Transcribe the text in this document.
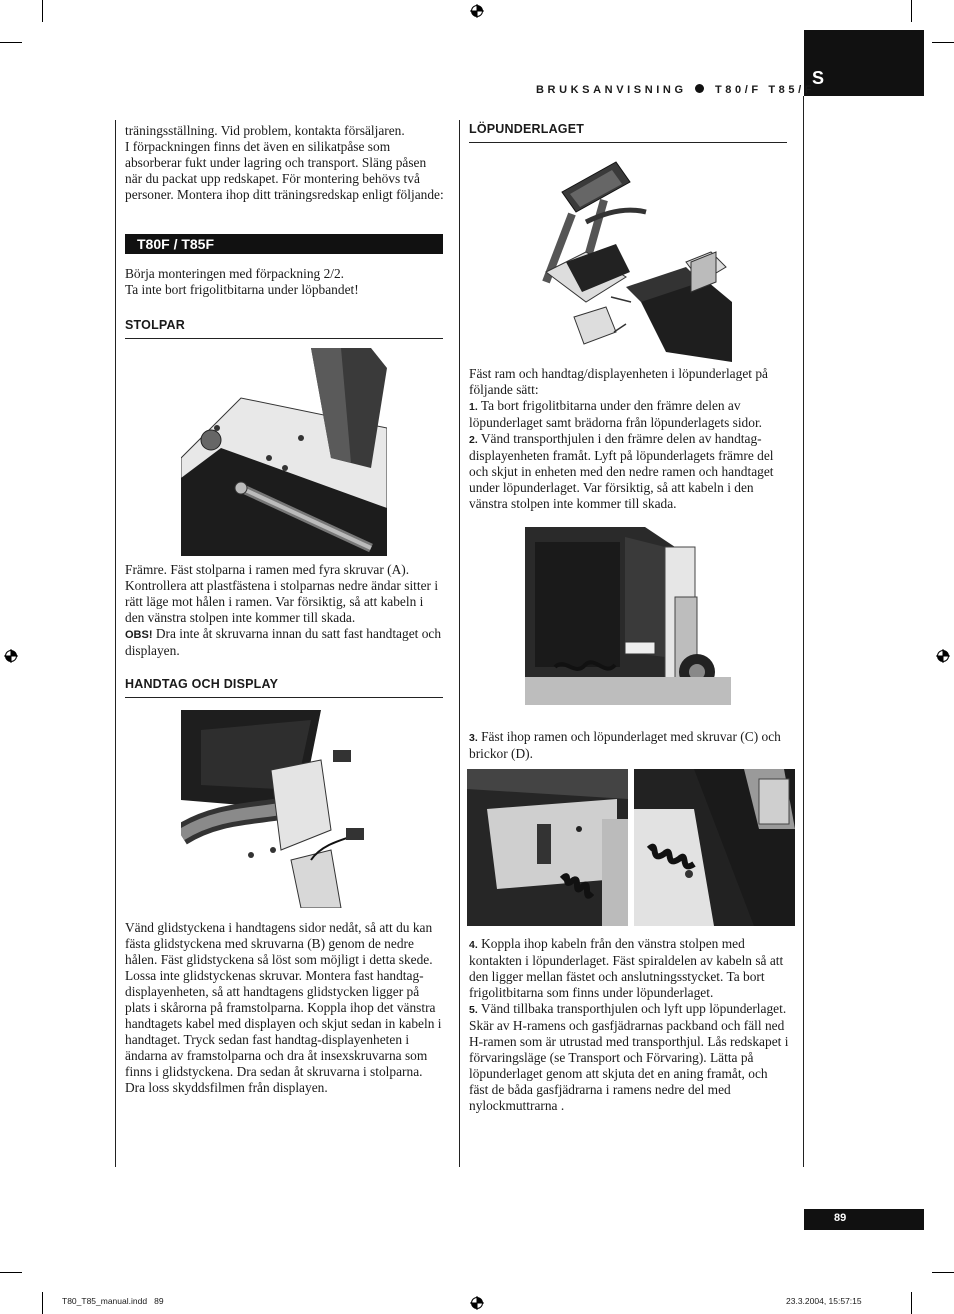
S
BRUKSANVISNING	T80/F T85/F

träningsställning. Vid problem, kontakta försäljaren.

I förpackningen finns det även en silikatpåse som absorberar fukt under lagring och transport. Släng påsen när du packat upp redskapet. För montering behövs två personer. Montera ihop ditt träningsredskap enligt följande:

T80F / T85F

Börja monteringen med förpackning 2/2.

Ta inte bort frigolitbitarna under löpbandet!

STOLPAR

Främre. Fäst stolparna i ramen med fyra skruvar (A). Kontrollera att plastfästena i stolparnas nedre ändar sitter i rätt läge mot hålen i ramen. Var försiktig, så att kabeln i den vänstra stolpen inte kommer till skada.

OBS! Dra inte åt skruvarna innan du satt fast handtaget och displayen.

HANDTAG OCH DISPLAY

Vänd glidstyckena i handtagens sidor nedåt, så att du kan fästa glidstyckena med skruvarna (B) genom de nedre hålen. Fäst glidstyckena så löst som möjligt i detta skede. Lossa inte glidstyckenas skruvar. Montera fast handtag-displayenheten, så att handtagens glidstycken ligger på plats i skårorna på framstolparna. Koppla ihop det vänstra handtagets kabel med displayen och skjut sedan in kabeln i handtaget. Tryck sedan fast handtag-displayenheten i ändarna av framstolparna och dra åt insexskruvarna som finns i glidstyckena. Dra sedan åt skruvarna i stolparna. Dra loss skyddsfilmen från displayen.

LÖPUNDERLAGET

Fäst ram och handtag/displayenheten i löpunderlaget på följande sätt:

1. Ta bort frigolitbitarna under den främre delen av löpunderlaget samt brädorna från löpunderlagets sidor.

2. Vänd transporthjulen i den främre delen av handtag-displayenheten framåt. Lyft på löpunderlagets främre del och skjut in enheten med den nedre ramen och handtaget under löpunderlaget. Var försiktig, så att kabeln i den vänstra stolpen inte kommer till skada.

3. Fäst ihop ramen och löpunderlaget med skruvar (C) och brickor (D).

4. Koppla ihop kabeln från den vänstra stolpen med kontakten i löpunderlaget. Fäst spiraldelen av kabeln så att den ligger mellan fästet och anslutningsstycket. Ta bort frigolitbitarna som finns under löpunderlaget.

5. Vänd tillbaka transporthjulen och lyft upp löpunderlaget. Skär av H-ramens och gasfjädrarnas packband och fäll ned H-ramen som är utrustad med transporthjul. Lås redskapet i förvaringsläge (se Transport och Förvaring). Lätta på löpunderlaget genom att skjuta det en aning framåt, och fäst de båda gasfjädrarna i ramens nedre del med nylockmuttrarna .

89
T80_T85_manual.indd   89	23.3.2004, 15:57:15
